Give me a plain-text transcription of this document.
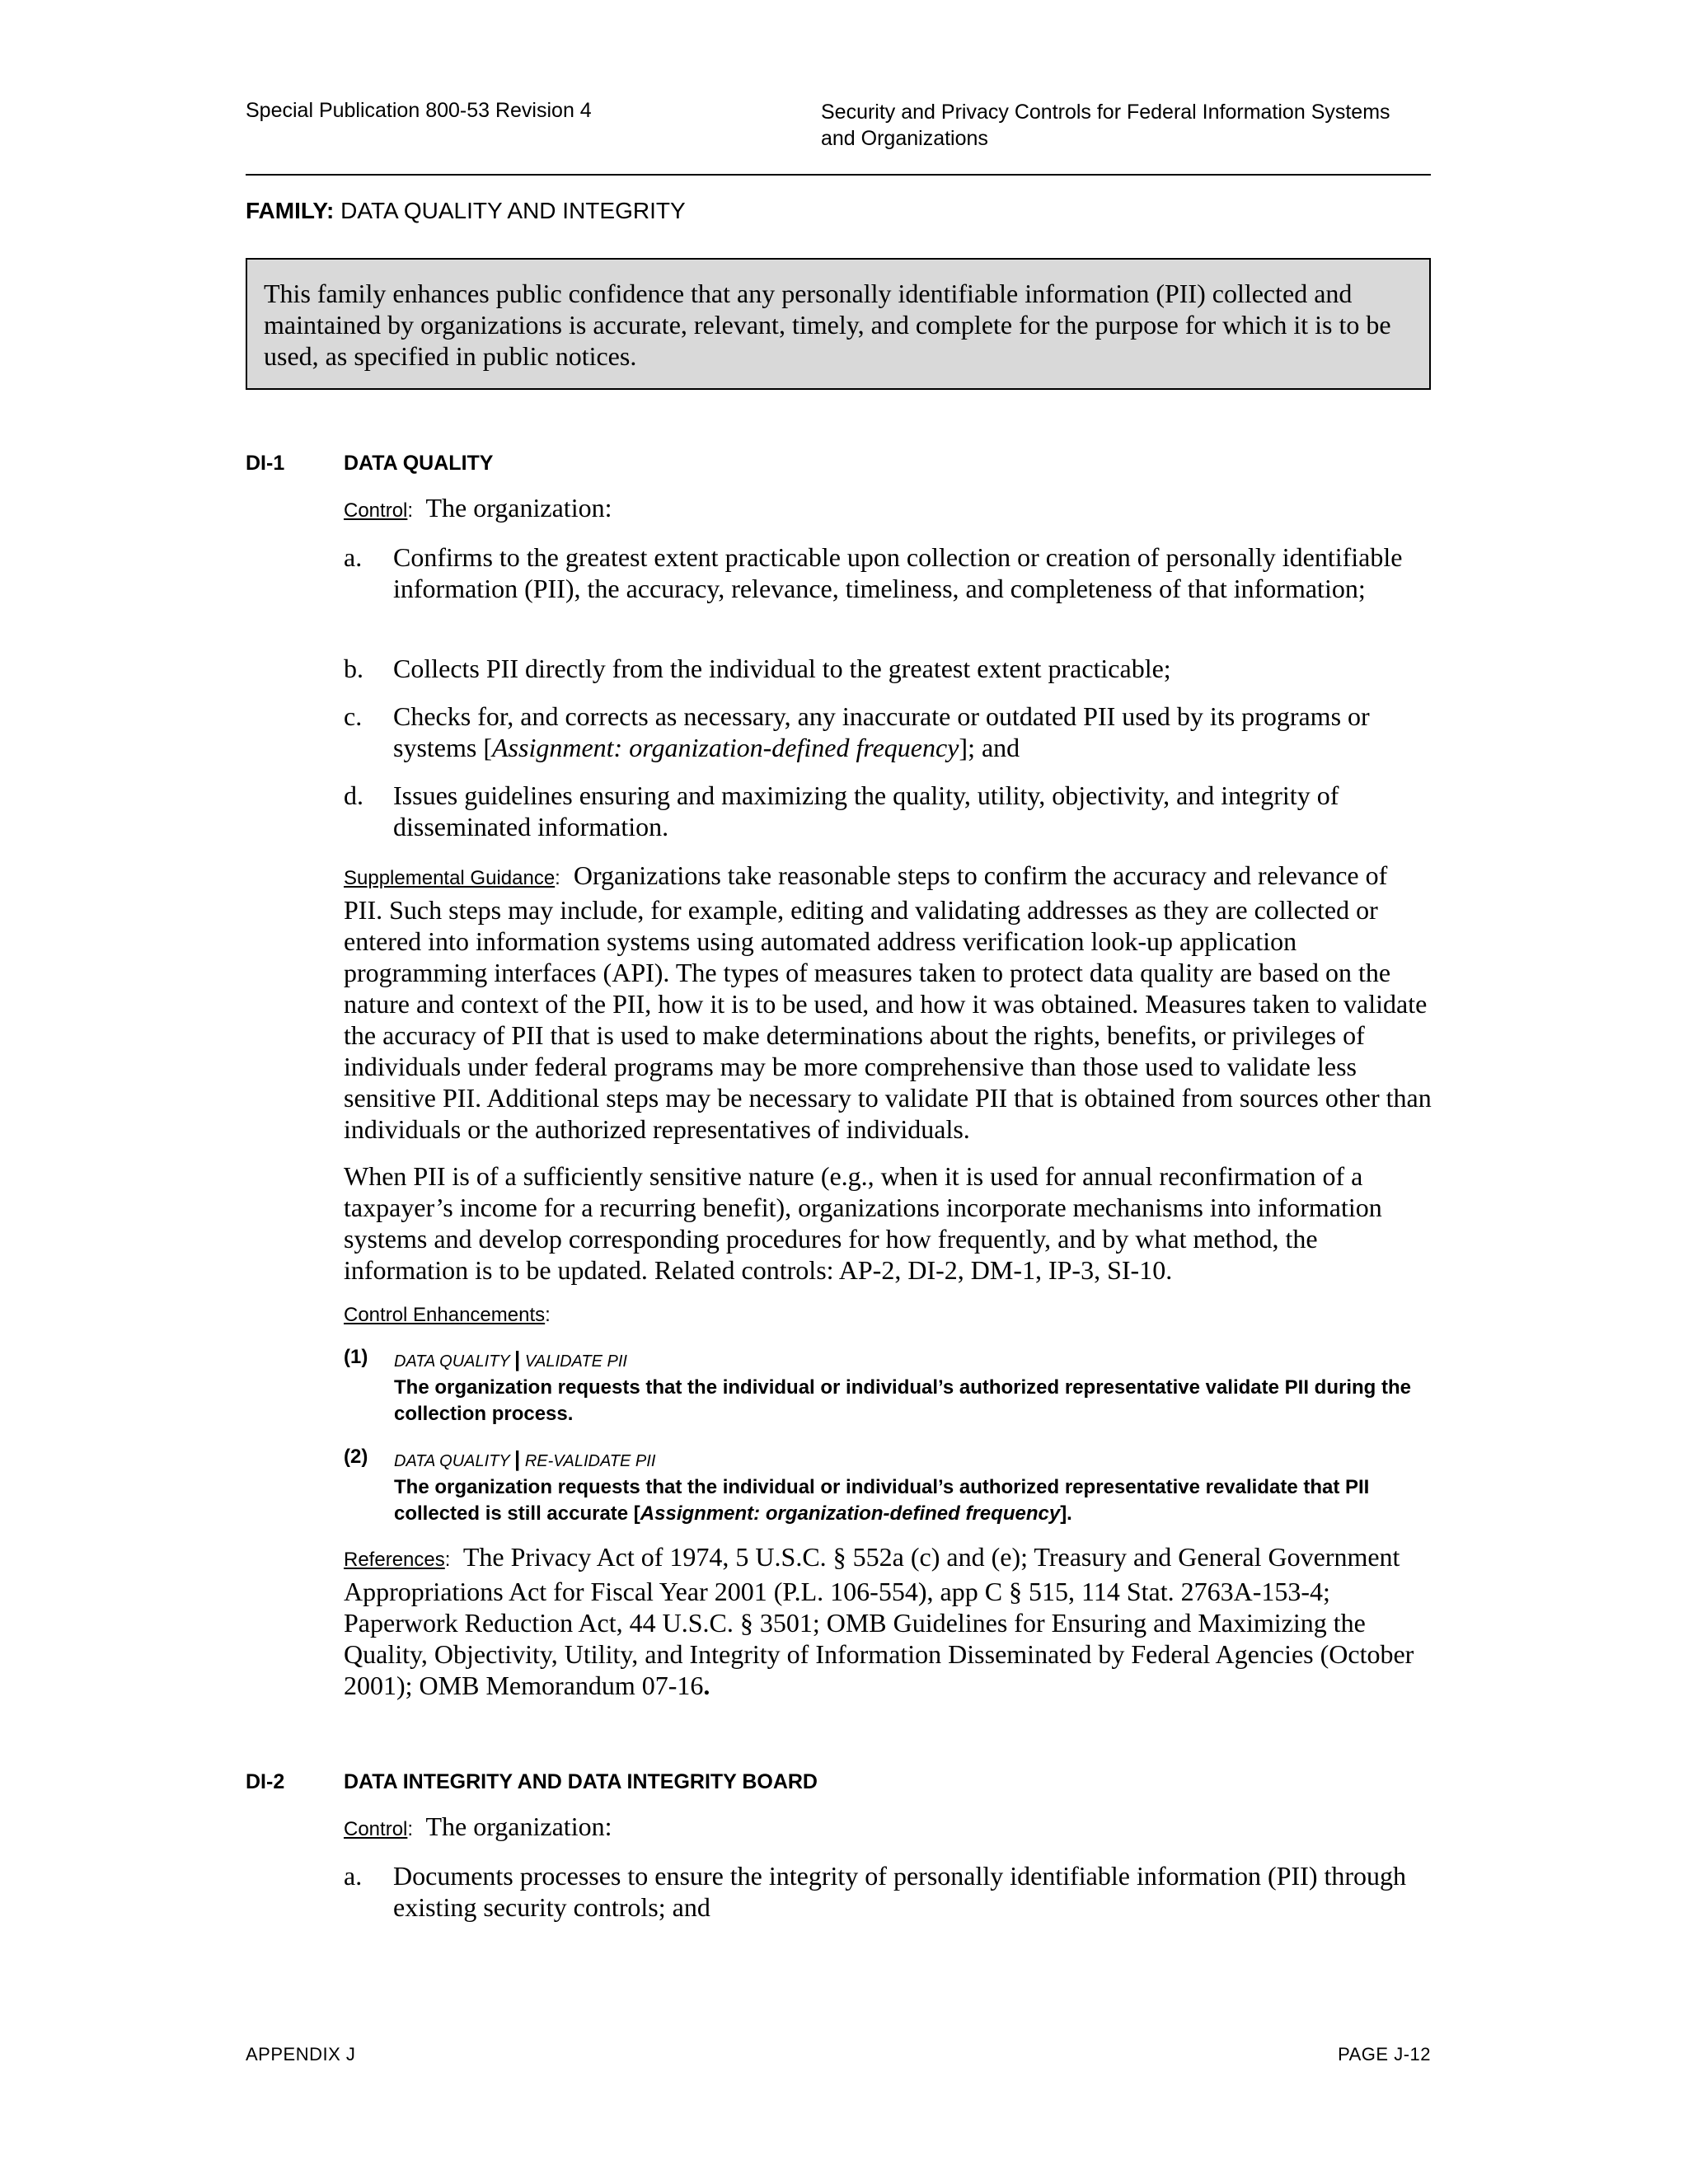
Special Publication 800-53 Revision 4	Security and Privacy Controls for Federal Information Systems
and Organizations
FAMILY: DATA QUALITY AND INTEGRITY
This family enhances public confidence that any personally identifiable information (PII) collected and maintained by organizations is accurate, relevant, timely, and complete for the purpose for which it is to be used, as specified in public notices.
DI-1	DATA QUALITY
Control: The organization:
a. Confirms to the greatest extent practicable upon collection or creation of personally identifiable information (PII), the accuracy, relevance, timeliness, and completeness of that information;
b. Collects PII directly from the individual to the greatest extent practicable;
c. Checks for, and corrects as necessary, any inaccurate or outdated PII used by its programs or systems [Assignment: organization-defined frequency]; and
d. Issues guidelines ensuring and maximizing the quality, utility, objectivity, and integrity of disseminated information.
Supplemental Guidance: Organizations take reasonable steps to confirm the accuracy and relevance of PII. Such steps may include, for example, editing and validating addresses as they are collected or entered into information systems using automated address verification look-up application programming interfaces (API). The types of measures taken to protect data quality are based on the nature and context of the PII, how it is to be used, and how it was obtained. Measures taken to validate the accuracy of PII that is used to make determinations about the rights, benefits, or privileges of individuals under federal programs may be more comprehensive than those used to validate less sensitive PII. Additional steps may be necessary to validate PII that is obtained from sources other than individuals or the authorized representatives of individuals.
When PII is of a sufficiently sensitive nature (e.g., when it is used for annual reconfirmation of a taxpayer’s income for a recurring benefit), organizations incorporate mechanisms into information systems and develop corresponding procedures for how frequently, and by what method, the information is to be updated. Related controls: AP-2, DI-2, DM-1, IP-3, SI-10.
Control Enhancements:
(1) DATA QUALITY | VALIDATE PII
The organization requests that the individual or individual’s authorized representative validate PII during the collection process.
(2) DATA QUALITY | RE-VALIDATE PII
The organization requests that the individual or individual’s authorized representative revalidate that PII collected is still accurate [Assignment: organization-defined frequency].
References: The Privacy Act of 1974, 5 U.S.C. § 552a (c) and (e); Treasury and General Government Appropriations Act for Fiscal Year 2001 (P.L. 106-554), app C § 515, 114 Stat. 2763A-153-4; Paperwork Reduction Act, 44 U.S.C. § 3501; OMB Guidelines for Ensuring and Maximizing the Quality, Objectivity, Utility, and Integrity of Information Disseminated by Federal Agencies (October 2001); OMB Memorandum 07-16.
DI-2	DATA INTEGRITY AND DATA INTEGRITY BOARD
Control: The organization:
a. Documents processes to ensure the integrity of personally identifiable information (PII) through existing security controls; and
APPENDIX J	PAGE J-12
